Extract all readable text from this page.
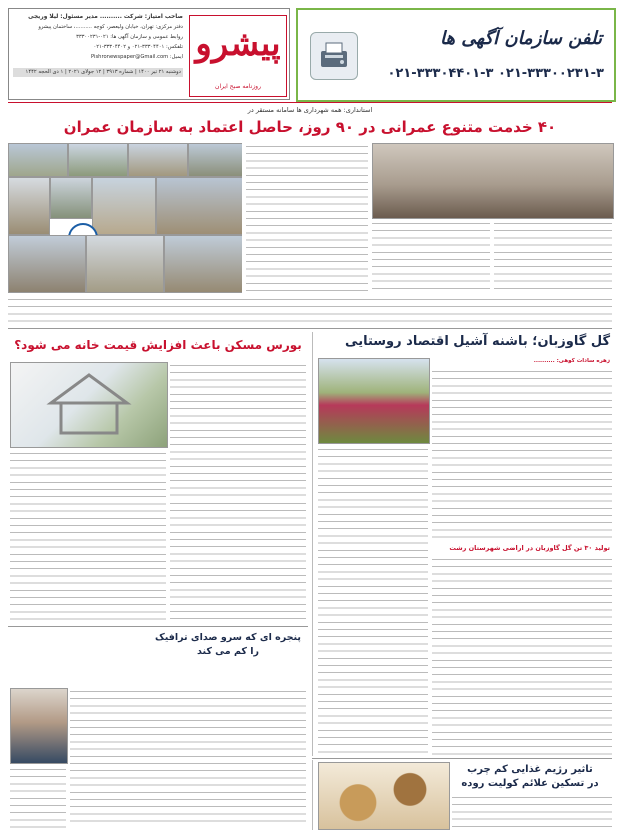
صاحب امتیاز: شرکت .......... مدیر مسئول: لیلا وریجی
دفتر مرکزی: تهران، خیابان ولیعصر، کوچه ..........، ساختمان پیشرو
روابط عمومی و سازمان آگهی ها: ۰۲۱-۳۳۳۰۰۲۳۱
تلفکس: ۳۳۳۰۴۴۰۱-۰۲۱ و ۳۳۳۰۴۴۰۲-۰۲۱
ایمیل: Pishronewspaper@Gmail.com
دوشنبه ۲۱ تیر ۱۴۰۰ | شماره ۳۹۱۳ | ۱۲ جولای ۲۰۲۱ | ۱ ذی الحجه ۱۴۴۲
پیشرو
روزنامه صبح ایران
تلفن سازمان آگهی ها
۰۲۱-۳۳۳۰۰۲۳۱-۳ ۰۲۱-۳۳۳۰۴۴۰۱-۳
استانداری: همه شهرداری ها سامانه مستقر در
۴۰ خدمت متنوع عمرانی در ۹۰ روز، حاصل اعتماد به سازمان عمران
گل گاوزبان؛ باشنه آشیل اقتصاد روستایی
زهره سادات کوهی: ..........
تولید ۳۰ تن گل گاوزبان در اراضی شهرستان رشت
بورس مسکن باعث افزایش قیمت خانه می شود؟
پنجره ای که سرو صدای ترافیک
را کم می کند
تاثیر رژیم غذایی کم چرب
در تسکین علائم کولیت روده
